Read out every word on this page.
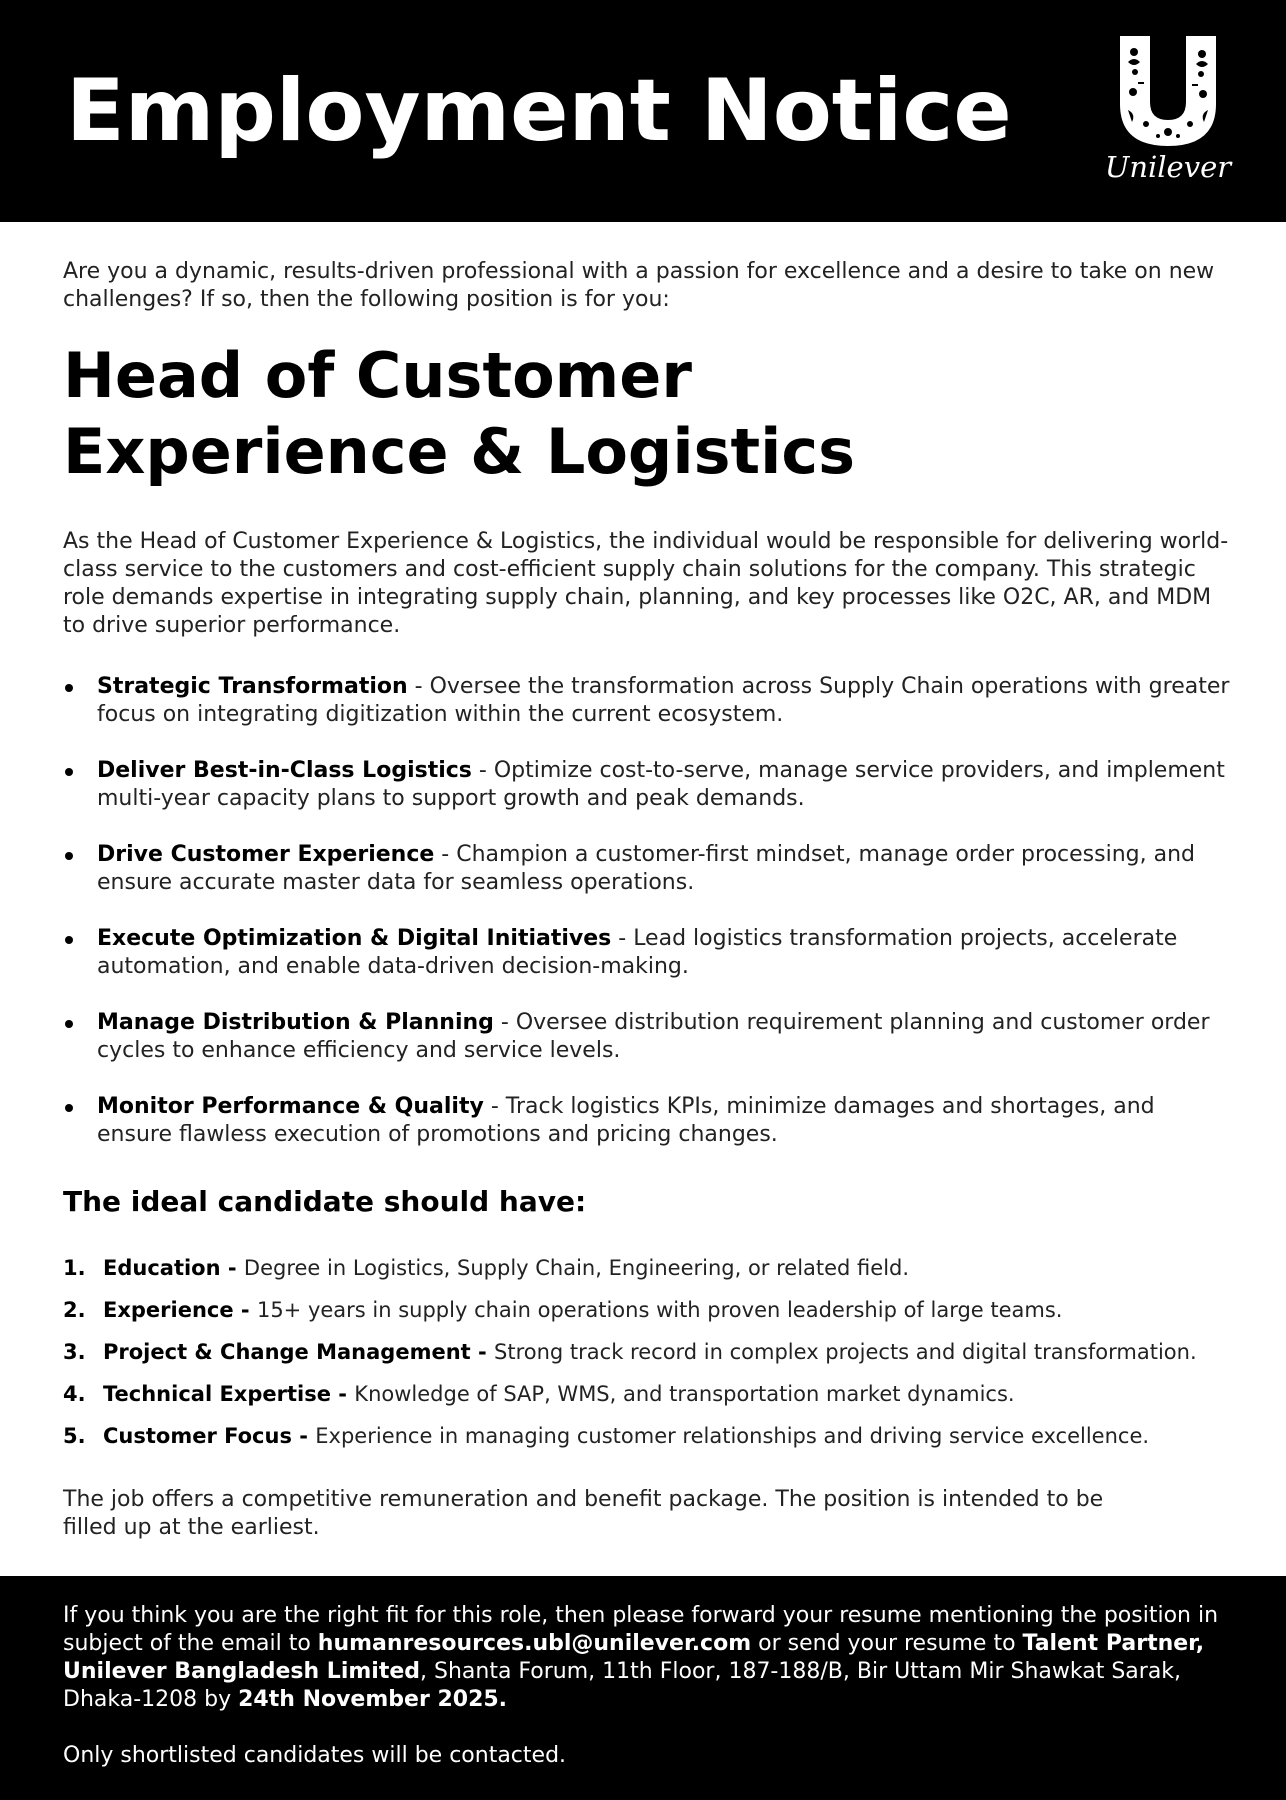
Employment Notice
Unilever
Are you a dynamic, results-driven professional with a passion for excellence and a desire to take on new challenges? If so, then the following position is for you:
Head of Customer
Experience & Logistics
As the Head of Customer Experience & Logistics, the individual would be responsible for delivering world-class service to the customers and cost-efficient supply chain solutions for the company. This strategic role demands expertise in integrating supply chain, planning, and key processes like O2C, AR, and MDM to drive superior performance.
Strategic Transformation - Oversee the transformation across Supply Chain operations with greater focus on integrating digitization within the current ecosystem.
Deliver Best-in-Class Logistics - Optimize cost-to-serve, manage service providers, and implement multi-year capacity plans to support growth and peak demands.
Drive Customer Experience - Champion a customer-first mindset, manage order processing, and ensure accurate master data for seamless operations.
Execute Optimization & Digital Initiatives - Lead logistics transformation projects, accelerate automation, and enable data-driven decision-making.
Manage Distribution & Planning - Oversee distribution requirement planning and customer order cycles to enhance efficiency and service levels.
Monitor Performance & Quality - Track logistics KPIs, minimize damages and shortages, and ensure flawless execution of promotions and pricing changes.
The ideal candidate should have:
1. Education - Degree in Logistics, Supply Chain, Engineering, or related field.
2. Experience - 15+ years in supply chain operations with proven leadership of large teams.
3. Project & Change Management - Strong track record in complex projects and digital transformation.
4. Technical Expertise - Knowledge of SAP, WMS, and transportation market dynamics.
5. Customer Focus - Experience in managing customer relationships and driving service excellence.
The job offers a competitive remuneration and benefit package. The position is intended to be filled up at the earliest.
If you think you are the right fit for this role, then please forward your resume mentioning the position in subject of the email to humanresources.ubl@unilever.com or send your resume to Talent Partner, Unilever Bangladesh Limited, Shanta Forum, 11th Floor, 187-188/B, Bir Uttam Mir Shawkat Sarak, Dhaka-1208 by 24th November 2025.
Only shortlisted candidates will be contacted.
